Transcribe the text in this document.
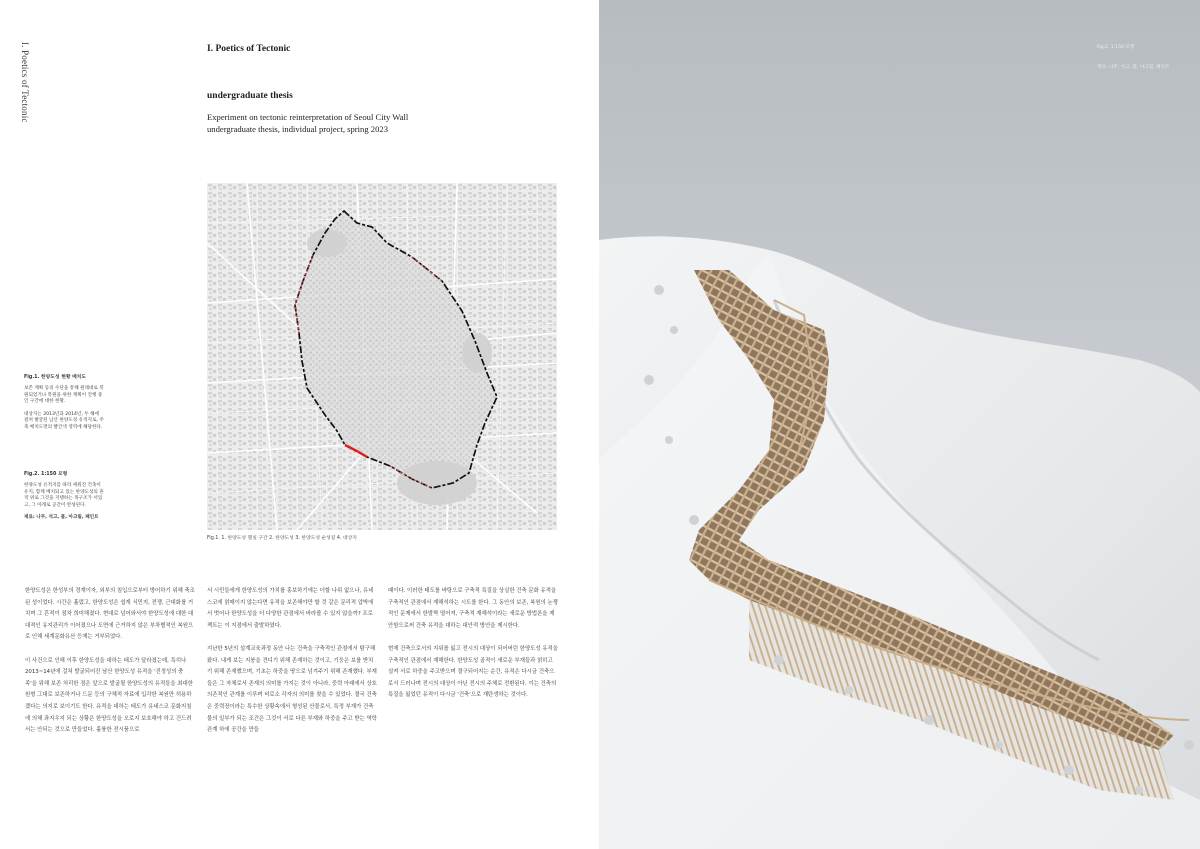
I. Poetics of Tectonic	I. Poetics of Tectonic
undergraduate thesis
Experiment on tectonic reinterpretation of Seoul City Wall
undergraduate thesis, individual project, spring 2023
Fig.1. 1. 한양도성 멸실 구간 2. 한양도성 3. 한양도성 순성길 4. 대상지
Fig.1. 한양도성 현황 배치도
보존 계획 등의 수단을 통해 원래대로 복원되었거나 복원을 위한 계획이 진행 중인 구간에 대한 현황.
대상지는 2013년과 2014년, 두 해에 걸쳐 발굴된 남산 한양도성 유적지로, 주축 배치도면의 빨간색 영역에 해당한다.
Fig.2. 1:150 모형
한양도성 유적지를 따라 세워진 건축이 유지, 함께 배치되고 있는 한양도성의 흔적 위로 그것을 지탱하는 목구조가 서있고, 그 아래로 공간이 완성된다.
재료: 나무, 석고, 폼, 아크릴, 패인트

한양도성은 한성부의 경계이자, 외부의 침입으로부터 방어하기 위해 축조된 성이었다. 시간은 흘렀고, 한양도성은 쉽게 식민지, 전쟁, 근대화를 거치며 그 흔적이 점차 희미해졌다. 현대로 넘어와서야 한양도성에 대한 대대적인 유지관리가 이어졌으나 도면에 근거하지 않은 부차별적인 복원으로 인해 세계문화유산 등재는 거부되었다.

이 사건으로 인해 이후 한양도성을 대하는 태도가 달라졌는데, 특히나 2013~14년에 걸쳐 발굴되어진 남산 한양도성 유적을 '진정성의 충족'을 위해 보존 처리한 점은 앞으로 발굴될 한양도성의 유적들을 최대한 원형 그대로 보존하거나 드문 등의 구체적 자료에 입각한 복원만 허용하겠다는 의지로 보이기도 한다. 유적을 대하는 태도가 유네스코 문화지침에 의해 좌지우지 되는 상황은 한양도성을 오로지 보호해야 하고 건드려서는 안되는 것으로 만들었다. 훌륭한 전시품으로

서 시민들에게 한양도성의 가치를 홍보하기에는 더할 나위 없으나, 유네스코에 얽매이지 않는다면 유적을 보존해야만 할 것 같은 문리적 압박에서 벗어나 한양도성을 더 다양한 관점에서 바라볼 수 있지 않을까? 프로젝트는 이 지점에서 출발하였다.

지난한 5년의 설계교육과정 동안 나는 건축을 구축적인 관점에서 탐구해왔다. 내게 보는 지붕을 견디기 위해 존재하는 것이고, 기둥은 보를 받치기 위해 존재했으며, 기초는 하중을 땅으로 넘겨주기 위해 존재했다. 부재들은 그 자체로서 존재의 의미를 가지는 것이 아니라, 중력 아래에서 상호의존적인 관계를 이루며 비로소 각자의 의미를 찾을 수 있었다. 결국 건축은 중력장이라는 특수한 상황속에서 형성된 산물로서, 특정 부재가 건축물의 일부가 되는 조건은 그것이 서로 다른 부재와 하중을 주고 받는 역학 관계 하에 공간을 만들

때이다. 이러한 태도를 바탕으로 구축적 특질을 상실한 건축 문화 유적을 구축적인 관점에서 재해석하는 시도를 한다. 그 동안의 보존, 복원의 논쟁적인 문제에서 한발짝 떨어져, 구축적 재해석이라는 새로운 방법론을 제안함으로써 건축 유적을 대하는 대안적 방안을 제시한다.

현재 건축으로서의 지위를 잃고 전시의 대상이 되어버린 한양도성 유적을 구축적인 관점에서 재해한다. 한양도성 골적이 새로운 부재들과 얽히고 설켜 서로 하중을 주고받으며 결구되어지는 순간, 유적은 다시금 건축으로서 드러나며 전시의 대상이 아닌 전시의 주체로 전환된다. 이는 건축의 특질을 잃었던 유적이 다시금 '건축'으로 재탄생하는 것이다.

Fig.2. 1:150 모형
재료: 나무, 석고, 폼, 아크릴, 패인트
